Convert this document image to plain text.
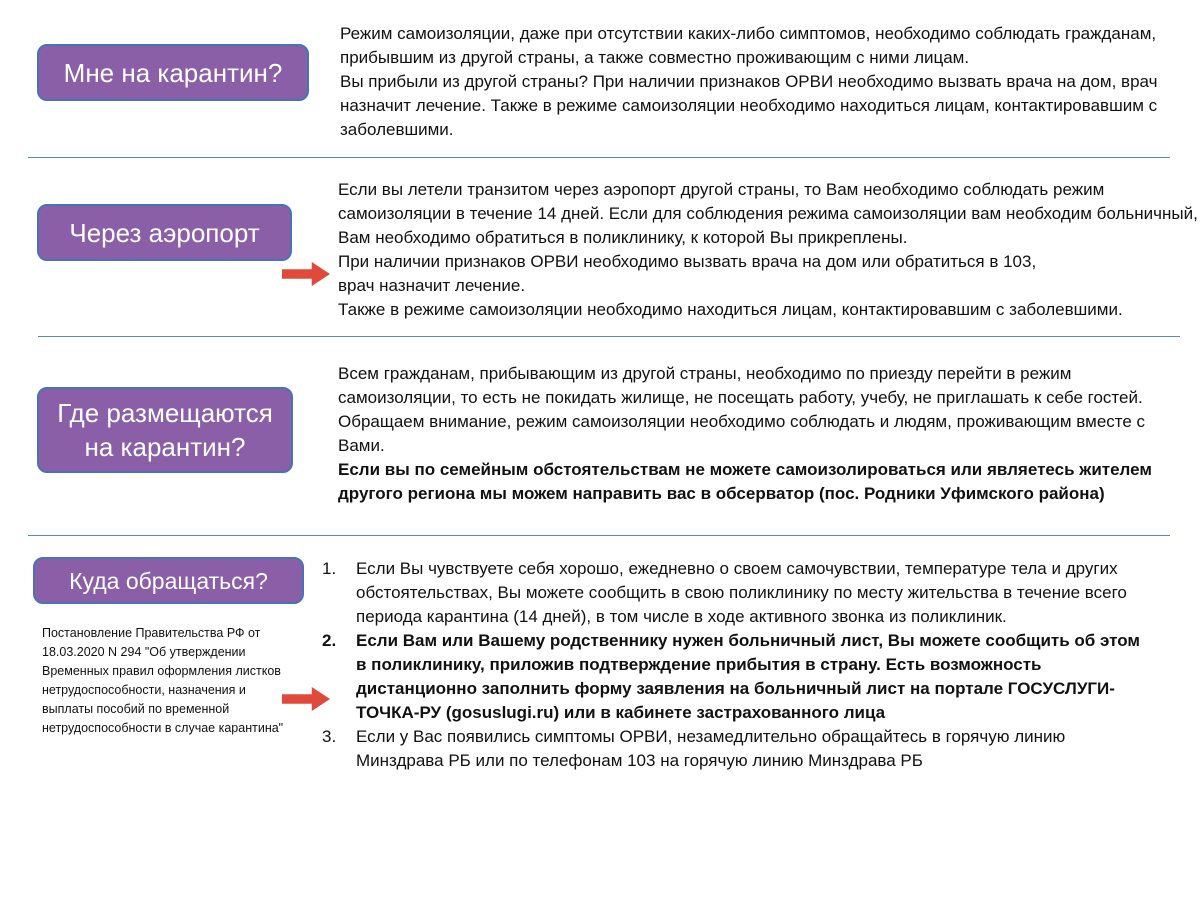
Мне на карантин?

Режим самоизоляции, даже при отсутствии каких-либо симптомов, необходимо соблюдать гражданам, прибывшим из другой страны, а также совместно проживающим с ними лицам.

Вы прибыли из другой страны? При наличии признаков ОРВИ необходимо вызвать врача на дом, врач назначит лечение. Также в режиме самоизоляции необходимо находиться лицам, контактировавшим с заболевшими.

Через аэропорт

Если вы летели транзитом через аэропорт другой страны, то Вам необходимо соблюдать режим самоизоляции в течение 14 дней. Если для соблюдения режима самоизоляции вам необходим больничный, Вам необходимо обратиться в поликлинику, к которой Вы прикреплены.

При наличии признаков ОРВИ необходимо вызвать врача на дом или обратиться в 103,

врач назначит лечение.

Также в режиме самоизоляции необходимо находиться лицам, контактировавшим с заболевшими.

Где размещаются на карантин?

Всем гражданам, прибывающим из другой страны, необходимо по приезду перейти в режим самоизоляции, то есть не покидать жилище, не посещать работу, учебу, не приглашать к себе гостей. Обращаем внимание, режим самоизоляции необходимо соблюдать и людям, проживающим вместе с Вами.

Если вы по семейным обстоятельствам не можете самоизолироваться или являетесь жителем другого региона мы можем направить вас в обсерватор (пос. Родники Уфимского района)

Куда обращаться?
Постановление Правительства РФ от 18.03.2020 N 294 "Об утверждении Временных правил оформления листков нетрудоспособности, назначения и выплаты пособий по временной нетрудоспособности в случае карантина"
1. Если Вы чувствуете себя хорошо, ежедневно о своем самочувствии, температуре тела и других обстоятельствах, Вы можете сообщить в свою поликлинику по месту жительства в течение всего периода карантина (14 дней), в том числе в ходе активного звонка из поликлиник.
2. Если Вам или Вашему родственнику нужен больничный лист, Вы можете сообщить об этом в поликлинику, приложив подтверждение прибытия в страну. Есть возможность дистанционно заполнить форму заявления на больничный лист на портале ГОСУСЛУГИ-ТОЧКА-РУ (gosuslugi.ru) или в кабинете застрахованного лица
3. Если у Вас появились симптомы ОРВИ, незамедлительно обращайтесь в горячую линию Минздрава РБ или по телефонам 103 на горячую линию Минздрава РБ
